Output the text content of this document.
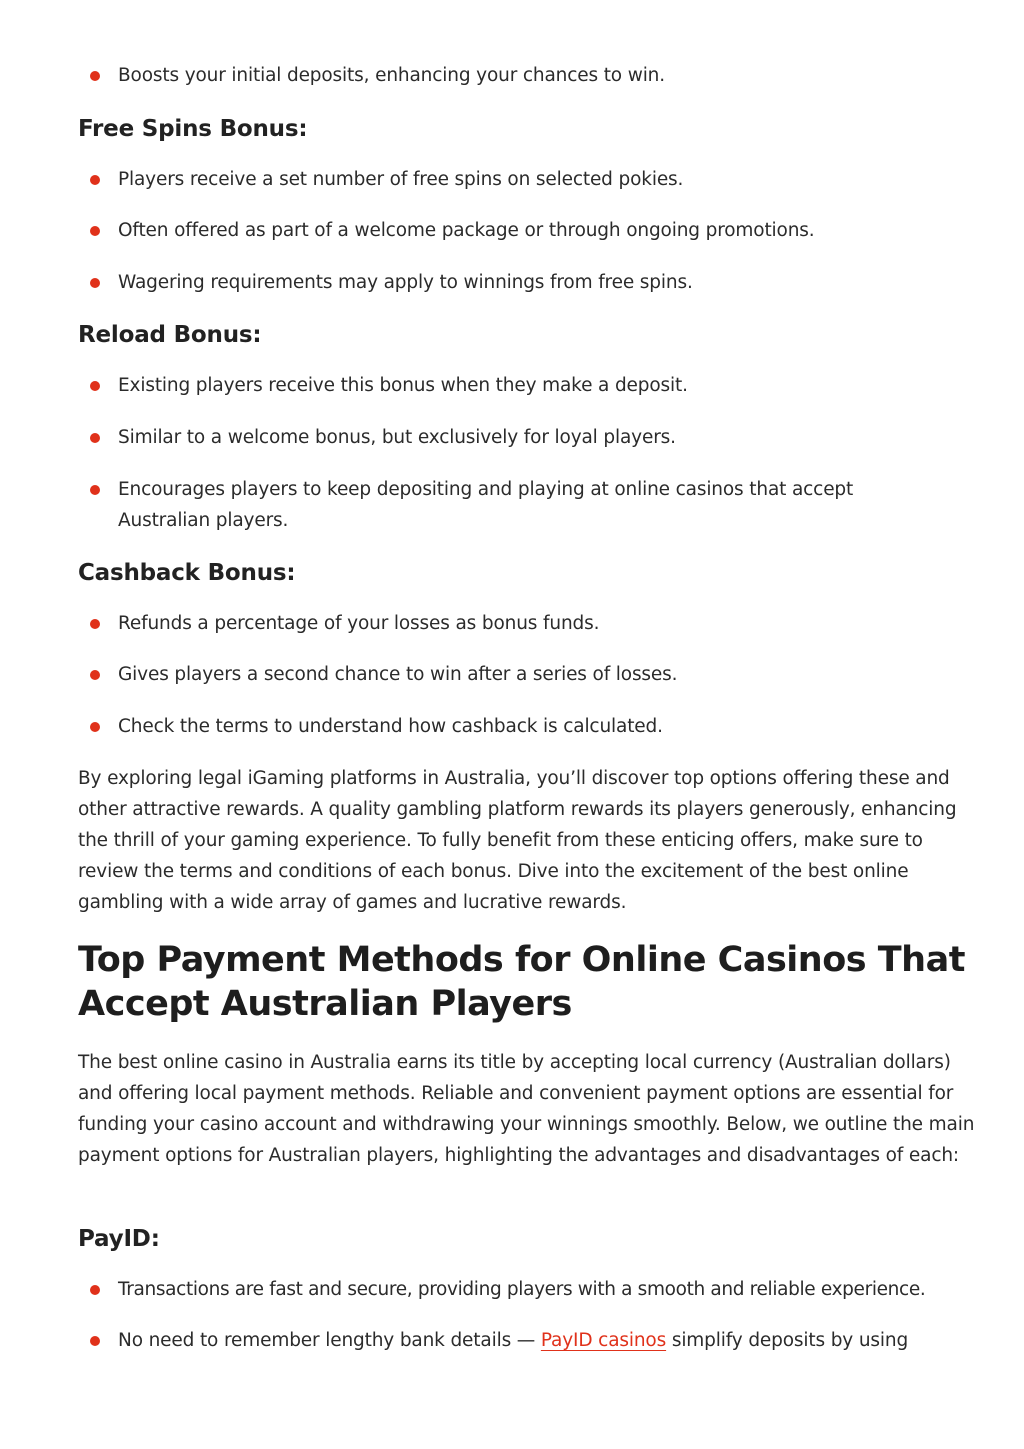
Boosts your initial deposits, enhancing your chances to win.
Free Spins Bonus:
Players receive a set number of free spins on selected pokies.
Often offered as part of a welcome package or through ongoing promotions.
Wagering requirements may apply to winnings from free spins.
Reload Bonus:
Existing players receive this bonus when they make a deposit.
Similar to a welcome bonus, but exclusively for loyal players.
Encourages players to keep depositing and playing at online casinos that accept Australian players.
Cashback Bonus:
Refunds a percentage of your losses as bonus funds.
Gives players a second chance to win after a series of losses.
Check the terms to understand how cashback is calculated.

By exploring legal iGaming platforms in Australia, you’ll discover top options offering these and other attractive rewards. A quality gambling platform rewards its players generously, enhancing the thrill of your gaming experience. To fully benefit from these enticing offers, make sure to review the terms and conditions of each bonus. Dive into the excitement of the best online gambling with a wide array of games and lucrative rewards.

Top Payment Methods for Online Casinos That Accept Australian Players

The best online casino in Australia earns its title by accepting local currency (Australian dollars) and offering local payment methods. Reliable and convenient payment options are essential for funding your casino account and withdrawing your winnings smoothly. Below, we outline the main payment options for Australian players, highlighting the advantages and disadvantages of each:

PayID:
Transactions are fast and secure, providing players with a smooth and reliable experience.
No need to remember lengthy bank details — PayID casinos simplify deposits by using
